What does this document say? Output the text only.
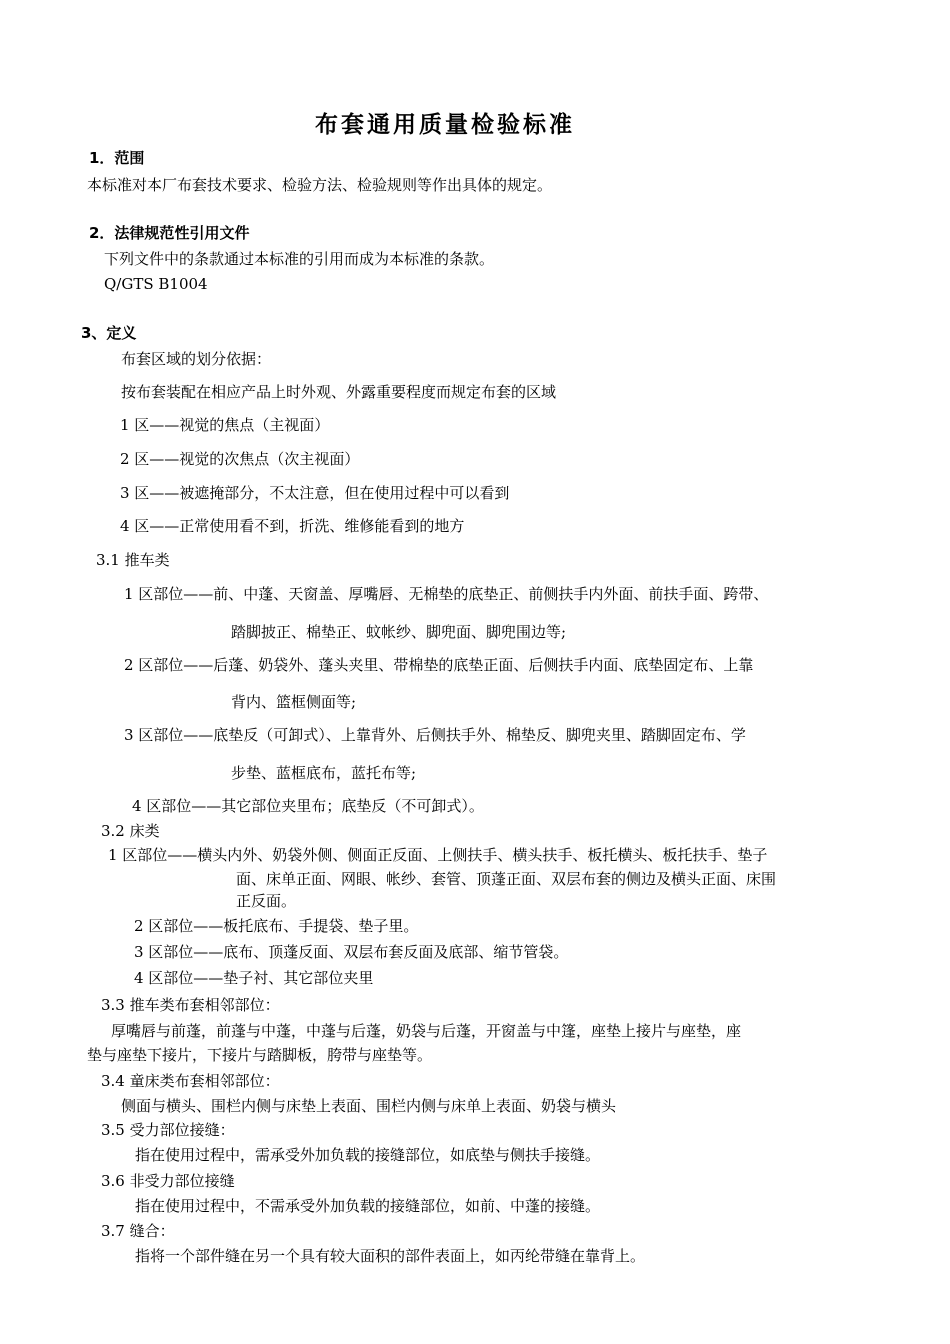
布套通用质量检验标准
1．范围
本标准对本厂布套技术要求、检验方法、检验规则等作出具体的规定。
2．法律规范性引用文件
下列文件中的条款通过本标准的引用而成为本标准的条款。
Q/GTS B1004
3、定义
布套区域的划分依据：
按布套装配在相应产品上时外观、外露重要程度而规定布套的区域
1 区——视觉的焦点（主视面）
2 区——视觉的次焦点（次主视面）
3 区——被遮掩部分，不太注意，但在使用过程中可以看到
4 区——正常使用看不到，折洗、维修能看到的地方
3.1 推车类
1 区部位——前、中蓬、天窗盖、厚嘴唇、无棉垫的底垫正、前侧扶手内外面、前扶手面、跨带、
踏脚披正、棉垫正、蚊帐纱、脚兜面、脚兜围边等;
2 区部位——后蓬、奶袋外、蓬头夹里、带棉垫的底垫正面、后侧扶手内面、底垫固定布、上靠
背内、篮框侧面等;
3 区部位——底垫反（可卸式）、上靠背外、后侧扶手外、棉垫反、脚兜夹里、踏脚固定布、学
步垫、蓝框底布，蓝托布等;
4 区部位——其它部位夹里布；底垫反（不可卸式）。
3.2 床类
1 区部位——横头内外、奶袋外侧、侧面正反面、上侧扶手、横头扶手、板托横头、板托扶手、垫子
面、床单正面、网眼、帐纱、套管、顶蓬正面、双层布套的侧边及横头正面、床围
正反面。
2 区部位——板托底布、手提袋、垫子里。
3 区部位——底布、顶蓬反面、双层布套反面及底部、缩节管袋。
4 区部位——垫子衬、其它部位夹里
3.3 推车类布套相邻部位：
厚嘴唇与前蓬，前蓬与中蓬，中蓬与后蓬，奶袋与后蓬，开窗盖与中篷，座垫上接片与座垫，座
垫与座垫下接片，下接片与踏脚板，胯带与座垫等。
3.4 童床类布套相邻部位：
侧面与横头、围栏内侧与床垫上表面、围栏内侧与床单上表面、奶袋与横头
3.5 受力部位接缝：
指在使用过程中，需承受外加负载的接缝部位，如底垫与侧扶手接缝。
3.6 非受力部位接缝
指在使用过程中，不需承受外加负载的接缝部位，如前、中蓬的接缝。
3.7 缝合：
指将一个部件缝在另一个具有较大面积的部件表面上，如丙纶带缝在靠背上。
